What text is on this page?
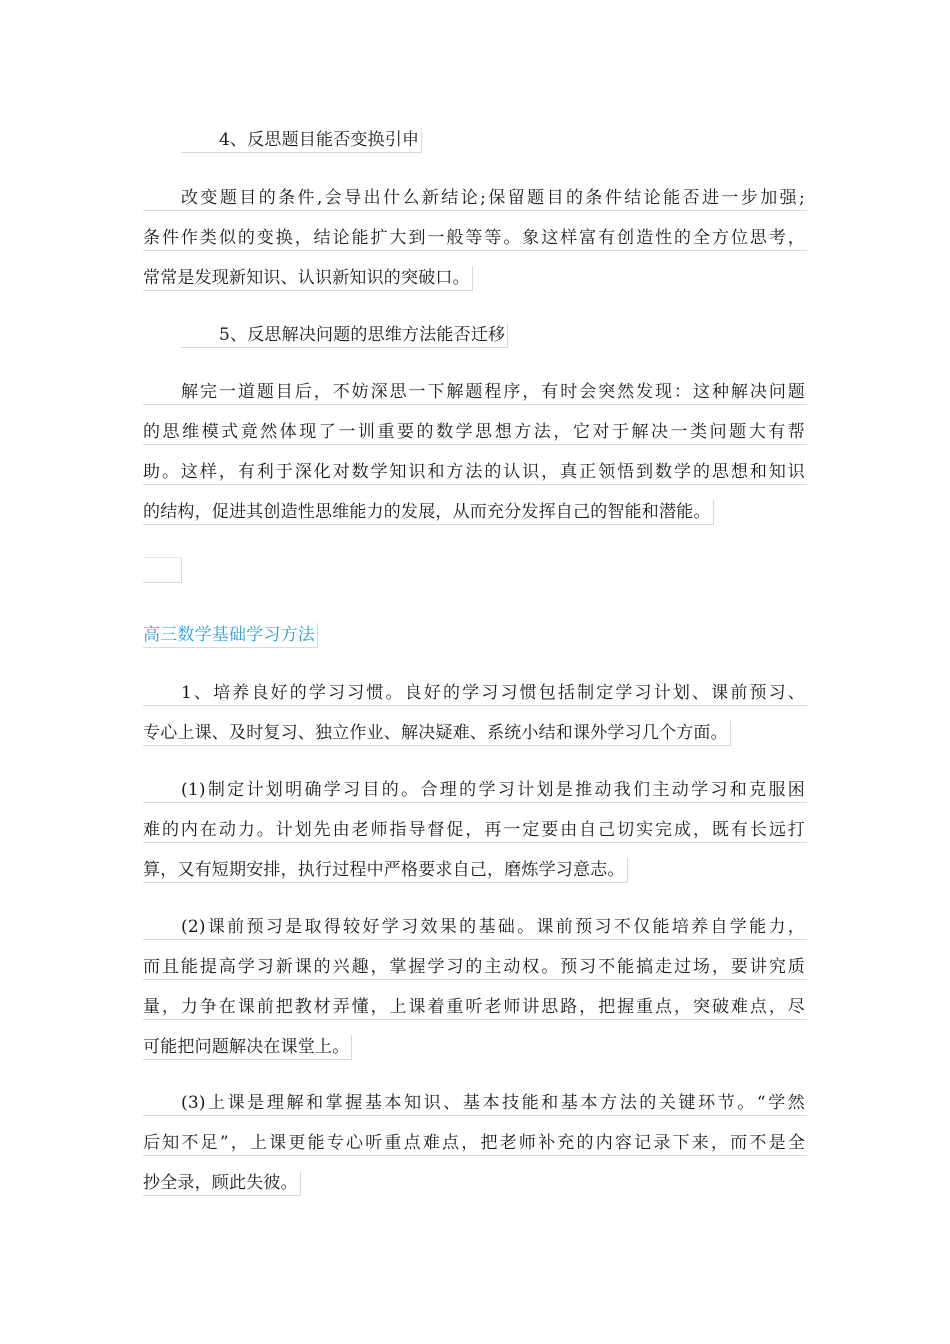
4、反思题目能否变换引申
改变题目的条件,会导出什么新结论;保留题目的条件结论能否进一步加强;
条件作类似的变换，结论能扩大到一般等等。象这样富有创造性的全方位思考，
常常是发现新知识、认识新知识的突破口。
5、反思解决问题的思维方法能否迁移
解完一道题目后，不妨深思一下解题程序，有时会突然发现：这种解决问题
的思维模式竟然体现了一训重要的数学思想方法，它对于解决一类问题大有帮
助。这样，有利于深化对数学知识和方法的认识，真正领悟到数学的思想和知识
的结构，促进其创造性思维能力的发展，从而充分发挥自己的智能和潜能。
高三数学基础学习方法
1、培养良好的学习习惯。良好的学习习惯包括制定学习计划、课前预习、
专心上课、及时复习、独立作业、解决疑难、系统小结和课外学习几个方面。
(1)制定计划明确学习目的。合理的学习计划是推动我们主动学习和克服困
难的内在动力。计划先由老师指导督促，再一定要由自己切实完成，既有长远打
算，又有短期安排，执行过程中严格要求自己，磨炼学习意志。
(2)课前预习是取得较好学习效果的基础。课前预习不仅能培养自学能力，
而且能提高学习新课的兴趣，掌握学习的主动权。预习不能搞走过场，要讲究质
量，力争在课前把教材弄懂，上课着重听老师讲思路，把握重点，突破难点，尽
可能把问题解决在课堂上。
(3)上课是理解和掌握基本知识、基本技能和基本方法的关键环节。“学然
后知不足”，上课更能专心听重点难点，把老师补充的内容记录下来，而不是全
抄全录，顾此失彼。
